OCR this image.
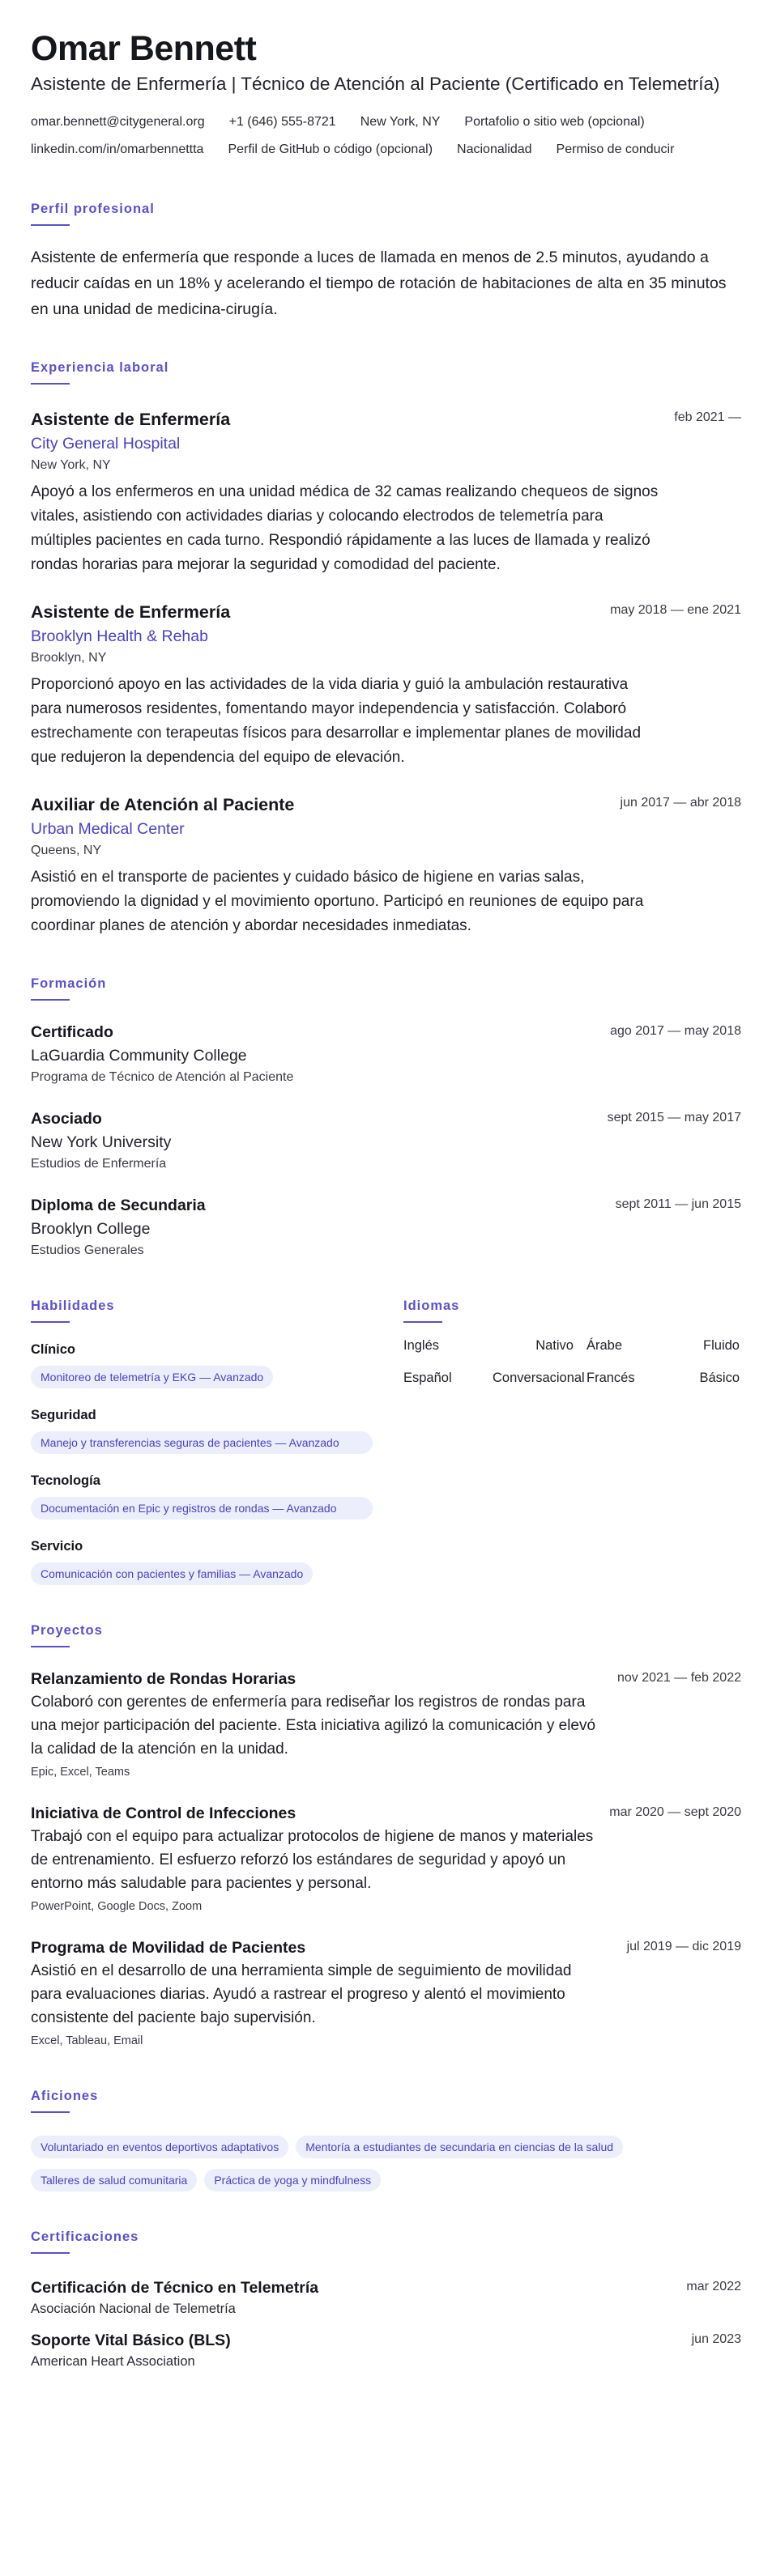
Omar Bennett
Asistente de Enfermería | Técnico de Atención al Paciente (Certificado en Telemetría)
omar.bennett@citygeneral.org +1 (646) 555-8721 New York, NY Portafolio o sitio web (opcional)
linkedin.com/in/omarbennettta Perfil de GitHub o código (opcional) Nacionalidad Permiso de conducir
Perfil profesional

Asistente de enfermería que responde a luces de llamada en menos de 2.5 minutos, ayudando a reducir caídas en un 18% y acelerando el tiempo de rotación de habitaciones de alta en 35 minutos en una unidad de medicina-cirugía.

Experiencia laboral
Asistente de Enfermería	feb 2021 —
City General Hospital
New York, NY

Apoyó a los enfermeros en una unidad médica de 32 camas realizando chequeos de signos vitales, asistiendo con actividades diarias y colocando electrodos de telemetría para múltiples pacientes en cada turno. Respondió rápidamente a las luces de llamada y realizó rondas horarias para mejorar la seguridad y comodidad del paciente.

Asistente de Enfermería	may 2018 — ene 2021
Brooklyn Health & Rehab
Brooklyn, NY

Proporcionó apoyo en las actividades de la vida diaria y guió la ambulación restaurativa para numerosos residentes, fomentando mayor independencia y satisfacción. Colaboró estrechamente con terapeutas físicos para desarrollar e implementar planes de movilidad que redujeron la dependencia del equipo de elevación.

Auxiliar de Atención al Paciente	jun 2017 — abr 2018
Urban Medical Center
Queens, NY

Asistió en el transporte de pacientes y cuidado básico de higiene en varias salas, promoviendo la dignidad y el movimiento oportuno. Participó en reuniones de equipo para coordinar planes de atención y abordar necesidades inmediatas.

Formación
Certificado	ago 2017 — may 2018
LaGuardia Community College
Programa de Técnico de Atención al Paciente
Asociado	sept 2015 — may 2017
New York University
Estudios de Enfermería
Diploma de Secundaria	sept 2011 — jun 2015
Brooklyn College
Estudios Generales
Habilidades
Clínico
Monitoreo de telemetría y EKG — Avanzado
Seguridad
Manejo y transferencias seguras de pacientes — Avanzado
Tecnología
Documentación en Epic y registros de rondas — Avanzado
Servicio
Comunicación con pacientes y familias — Avanzado
Idiomas
Inglés	Nativo Árabe	Fluido
Español	Conversacional Francés	Básico
Proyectos
Relanzamiento de Rondas Horarias	nov 2021 — feb 2022

Colaboró con gerentes de enfermería para rediseñar los registros de rondas para una mejor participación del paciente. Esta iniciativa agilizó la comunicación y elevó la calidad de la atención en la unidad.

Epic, Excel, Teams
Iniciativa de Control de Infecciones	mar 2020 — sept 2020

Trabajó con el equipo para actualizar protocolos de higiene de manos y materiales de entrenamiento. El esfuerzo reforzó los estándares de seguridad y apoyó un entorno más saludable para pacientes y personal.

PowerPoint, Google Docs, Zoom
Programa de Movilidad de Pacientes	jul 2019 — dic 2019

Asistió en el desarrollo de una herramienta simple de seguimiento de movilidad para evaluaciones diarias. Ayudó a rastrear el progreso y alentó el movimiento consistente del paciente bajo supervisión.

Excel, Tableau, Email
Aficiones
Voluntariado en eventos deportivos adaptativos Mentoría a estudiantes de secundaria en ciencias de la salud
Talleres de salud comunitaria Práctica de yoga y mindfulness
Certificaciones
Certificación de Técnico en Telemetría	mar 2022
Asociación Nacional de Telemetría
Soporte Vital Básico (BLS)	jun 2023
American Heart Association
